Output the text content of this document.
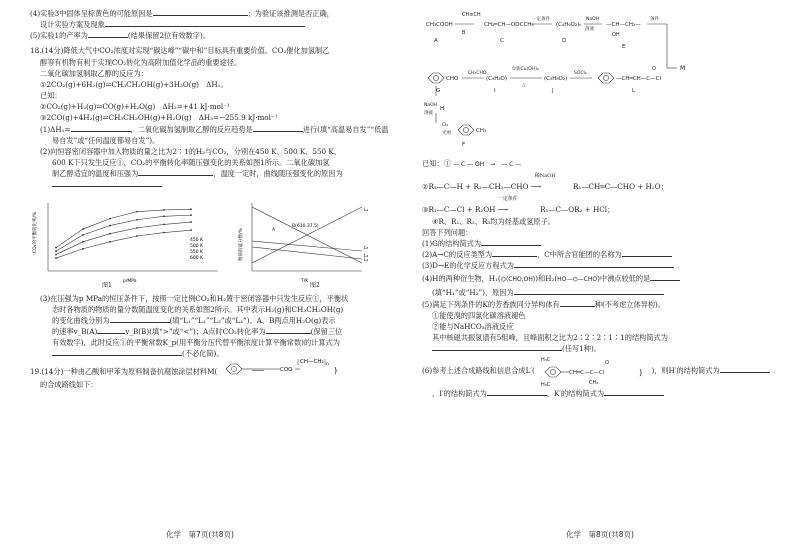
(4)实验3中固体呈棕黄色的可能原因是	；为验证该推测是否正确，
设计实验方案及现象
(5)实验1的产率为	(结果保留2位有效数字)。
18.(14分)降低大气中CO₂浓度对实现“碳达峰”“碳中和”目标具有重要价值。CO₂催化加氢制乙
醇等有机物有利于实现CO₂转化为高附加值化学品的重要途径。
二氧化碳加氢制取乙醇的反应为：
①2CO₂(g)+6H₂(g)⇌CH₃CH₂OH(g)+3H₂O(g)　ΔH₁。
已知：
②CO₂(g)+H₂(g)⇌CO(g)+H₂O(g)　ΔH₂=+41 kJ·mol⁻¹
③2CO(g)+4H₂(g)⇌CH₃CH₂OH(g)+H₂O(g)　ΔH₃=−255.9 kJ·mol⁻¹
(1)ΔH₁=	，二氧化碳加氢制取乙醇的反应趋势是	进行(填“高温易自发”“低温
易自发”或“任何温度都易自发”)。
(2)向恒容密闭容器中加入物质的量之比为2∶1的H₂与CO₂，分别在450 K、500 K、550 K、
600 K下只发生反应①，CO₂的平衡转化率随压强变化的关系如图1所示。二氧化碳加氢
制乙醇适宜的温度和压强为	，温度一定时，曲线随压强变化的原因为
CO₂的平衡转化率/%
p/MPa
450 K
500 K
550 K
600 K	物质的量分数/%
T/K
L₁
L₂
L₃
L₄
A
B(610,37.5)
图1	图2
(3)在压强为p MPa的恒压条件下，按照一定比例CO₂和H₂置于密闭容器中只发生反应①，平衡状
态时各物质的物质的量分数随温度变化的关系如图2所示。其中表示H₂(g)和CH₃CH₂OH(g)
的变化曲线分别为	(填“L₁”“L₂”“L₃”或“L₄”)。A、B两点用H₂O(g)表示
的速率v_B(A)	v_B(B)(填“>”或“<”)；A点时CO₂转化率为	(保留三位
有效数字)，此时反应①的平衡常数K_p(用平衡分压代替平衡浓度计算平衡常数)的计算式为
(不必化简)。
19.(14分)一种由乙酸和甲苯为原料制备抗腐蚀涂层材料M(	COO
CH—CH₂ n
)
的合成路线如下：
化学　第7页(共8页)
CH₃COOH
CH≡CH
CH₂═CH—OOCCH₃
一定条件
(C₄H₆O₂)ₙ
NaOH
溶液
—CH—CH₂—
OH
条件
M
A	C	D
E
B
CHO
CH₃CHO
(C₉H₈O)
①新Cu(OH)₂
△
(C₉H₈O₂)
SOCl₂
—CH═CH—C—Cl
O
G	I	J	L
NaOH
溶液
H
Cl₂
光照	CH₃
F
已知：① — C — OH　→　— C —
②R₁—C—H + R₂—CH₂—CHO
稀NaOH
⟶	R₁—CH═C—CHO + H₂O；
③R₁—C—Cl + R₂OH
一定条件
⟶	R₁—C—OR₂ + HCl；
④R、R₁、R₂、R₃均为烃基或氢原子。
回答下列问题：
(1)G的结构简式为
(2)A→C的反应类型为	，C中所含官能团的名称为
(3)D→E的化学反应方程式为
(4)H的两种衍生物，H₁(⌬(CHO,OH))和H₂(HO—⌬—CHO)中沸点较低的是
(填“H₁”或“H₂”)，原因为
(5)满足下列条件的K的芳香族同分异构体有	种(不考虑立体异构)。
①能使溴的四氯化碳溶液褪色
②能与NaHCO₃溶液反应
其中核磁共振氢谱有5组峰，且峰面积之比为2∶2∶2∶1∶1的结构简式为
(任写1种)。
(6)参考上述合成路线和信息合成L′(
H₃C
H₃C
CH═C—C—Cl
O
CH₃
) )，则H′的结构简式为
，I′的结构简式为	，K′的结构简式为
化学　第8页(共8页)
